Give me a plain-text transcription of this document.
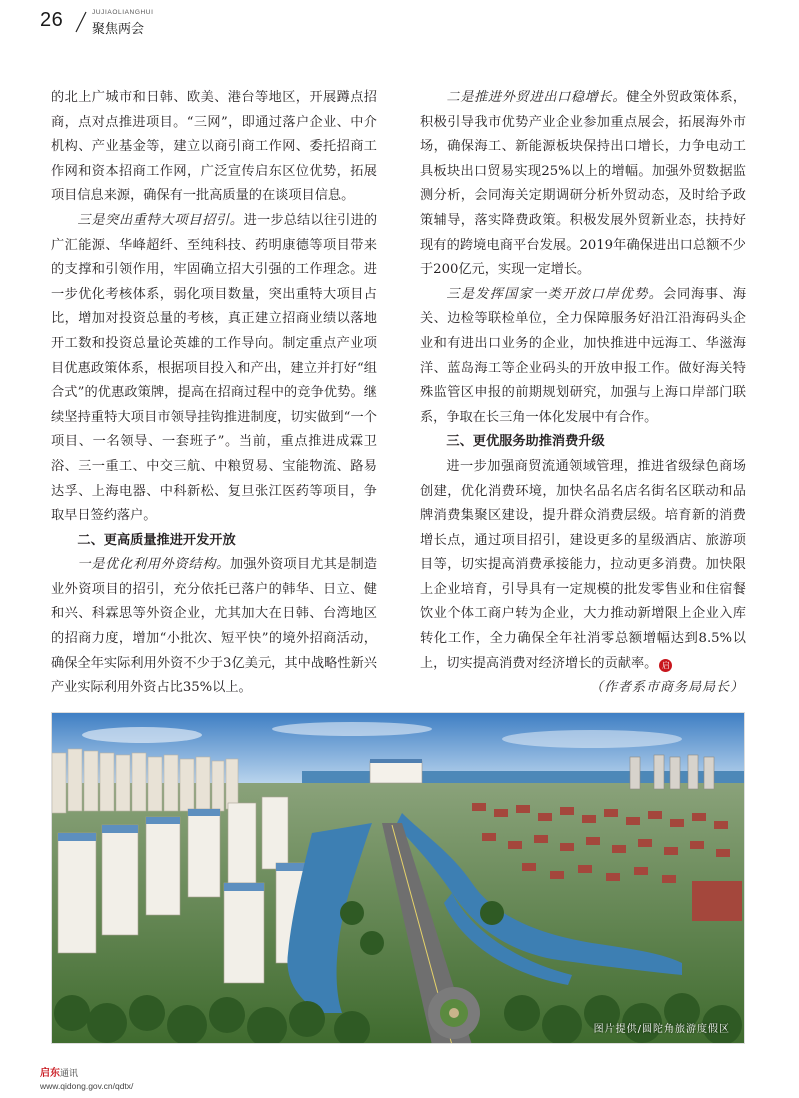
26	JUJIAOLIANGHUI
聚焦两会

的北上广城市和日韩、欧美、港台等地区，开展蹲点招商，点对点推进项目。“三网”，即通过落户企业、中介机构、产业基金等，建立以商引商工作网、委托招商工作网和资本招商工作网，广泛宣传启东区位优势，拓展项目信息来源，确保有一批高质量的在谈项目信息。

三是突出重特大项目招引。进一步总结以往引进的广汇能源、华峰超纤、至纯科技、药明康德等项目带来的支撑和引领作用，牢固确立招大引强的工作理念。进一步优化考核体系，弱化项目数量，突出重特大项目占比，增加对投资总量的考核，真正建立招商业绩以落地开工数和投资总量论英雄的工作导向。制定重点产业项目优惠政策体系，根据项目投入和产出，建立并打好“组合式”的优惠政策牌，提高在招商过程中的竞争优势。继续坚持重特大项目市领导挂钩推进制度，切实做到“一个项目、一名领导、一套班子”。当前，重点推进成霖卫浴、三一重工、中交三航、中粮贸易、宝能物流、路易达孚、上海电器、中科新松、复旦张江医药等项目，争取早日签约落户。

二、更高质量推进开发开放

一是优化利用外资结构。加强外资项目尤其是制造业外资项目的招引，充分依托已落户的韩华、日立、健和兴、科霖思等外资企业，尤其加大在日韩、台湾地区的招商力度，增加“小批次、短平快”的境外招商活动，确保全年实际利用外资不少于3亿美元，其中战略性新兴产业实际利用外资占比35%以上。

二是推进外贸进出口稳增长。健全外贸政策体系，积极引导我市优势产业企业参加重点展会，拓展海外市场，确保海工、新能源板块保持出口增长，力争电动工具板块出口贸易实现25%以上的增幅。加强外贸数据监测分析，会同海关定期调研分析外贸动态，及时给予政策辅导，落实降费政策。积极发展外贸新业态，扶持好现有的跨境电商平台发展。2019年确保进出口总额不少于200亿元，实现一定增长。

三是发挥国家一类开放口岸优势。会同海事、海关、边检等联检单位，全力保障服务好沿江沿海码头企业和有进出口业务的企业，加快推进中远海工、华滋海洋、蓝岛海工等企业码头的开放申报工作。做好海关特殊监管区申报的前期规划研究，加强与上海口岸部门联系，争取在长三角一体化发展中有合作。

三、更优服务助推消费升级

进一步加强商贸流通领域管理，推进省级绿色商场创建，优化消费环境，加快名品名店名街名区联动和品牌消费集聚区建设，提升群众消费层级。培育新的消费增长点，通过项目招引，建设更多的星级酒店、旅游项目等，切实提高消费承接能力，拉动更多消费。加快限上企业培育，引导具有一定规模的批发零售业和住宿餐饮业个体工商户转为企业，大力推动新增限上企业入库转化工作，全力确保全年社消零总额增幅达到8.5%以上，切实提高消费对经济增长的贡献率。 启

（作者系市商务局局长）

图片提供/圆陀角旅游度假区
启东通讯
www.qidong.gov.cn/qdtx/
